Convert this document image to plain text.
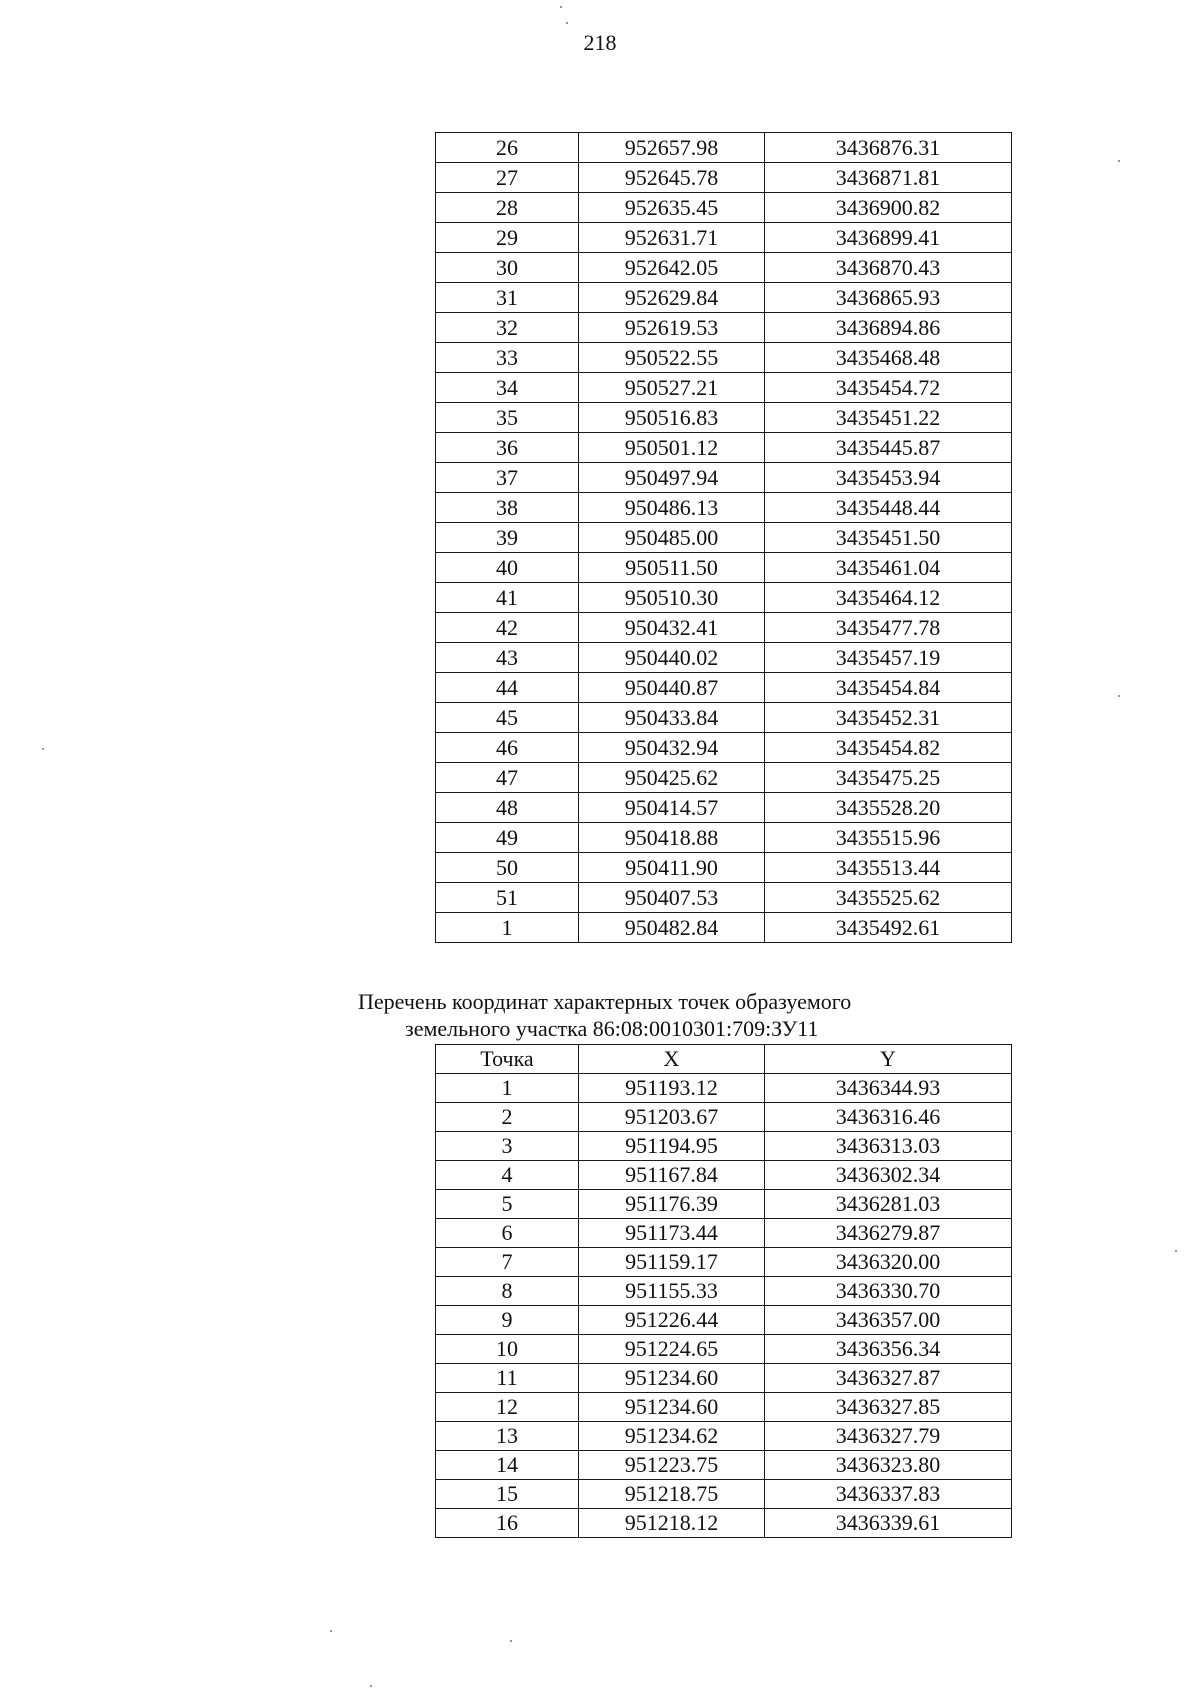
218
26	952657.98	3436876.31
27	952645.78	3436871.81
28	952635.45	3436900.82
29	952631.71	3436899.41
30	952642.05	3436870.43
31	952629.84	3436865.93
32	952619.53	3436894.86
33	950522.55	3435468.48
34	950527.21	3435454.72
35	950516.83	3435451.22
36	950501.12	3435445.87
37	950497.94	3435453.94
38	950486.13	3435448.44
39	950485.00	3435451.50
40	950511.50	3435461.04
41	950510.30	3435464.12
42	950432.41	3435477.78
43	950440.02	3435457.19
44	950440.87	3435454.84
45	950433.84	3435452.31
46	950432.94	3435454.82
47	950425.62	3435475.25
48	950414.57	3435528.20
49	950418.88	3435515.96
50	950411.90	3435513.44
51	950407.53	3435525.62
1	950482.84	3435492.61
Перечень координат характерных точек образуемого
земельного участка 86:08:0010301:709:ЗУ11
Точка	X	Y
1	951193.12	3436344.93
2	951203.67	3436316.46
3	951194.95	3436313.03
4	951167.84	3436302.34
5	951176.39	3436281.03
6	951173.44	3436279.87
7	951159.17	3436320.00
8	951155.33	3436330.70
9	951226.44	3436357.00
10	951224.65	3436356.34
11	951234.60	3436327.87
12	951234.60	3436327.85
13	951234.62	3436327.79
14	951223.75	3436323.80
15	951218.75	3436337.83
16	951218.12	3436339.61
